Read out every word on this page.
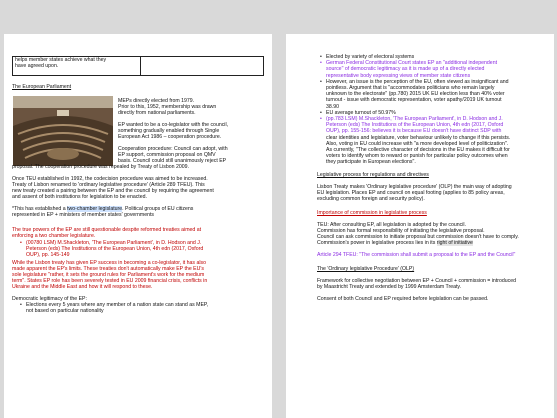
helps member states achieve what they
have agreed upon.
The European Parliament
MEPs directly elected from 1979.
Prior to this, 1952, membership was drawn
directly from national parliaments.
EP wanted to be a co-legislator with the council,
something gradually enabled through Single
European Act 1986 – cooperation procedure.
Cooperation procedure: Council can adopt, with
EP support, commission proposal on QMV
basis. Council could still unanimously reject EP
proposal. The cooperation procedure was repealed by Treaty of Lisbon 2009.
Once TEU established in 1992, the codecision procedure was aimed to be increased.
Treaty of Lisbon renamed to 'ordinary legislative procedure' (Article 289 TFEU). This
new treaty created a pairing between the EP and the council by requiring the agreement
and assent of both institutions for legislation to be enacted.
*This has established a two-chamber legislature. Political groups of EU citizens
represented in EP + ministers of member states' governments
The true powers of the EP are still questionable despite reformed treaties aimed at
enforcing a two chamber legislature.
• (00780 LSM) M.Shackleton, 'The European Parliament', in D. Hodson and J.
Peterson (eds) The Institutions of the European Union, 4th edn (2017, Oxford
OUP), pp. 145-149
While the Lisbon treaty has given EP success in becoming a co-legislator, it has also
made apparent the EP's limits. These treaties don't automatically make EP the EU's
sole legislature "rather, it sets the ground rules for Parliament's work for the medium
term". States EP role has been severely tested in EU 2009 financial crisis, conflicts in
Ukraine and the Middle East and how it will respond to these.
Democratic legitimacy of the EP:
• Elections every 5 years where any member of a nation state can stand as MEP,
not based on particular nationality
• Elected by variety of electoral systems
• German Federal Constitutional Court states EP an "additional independent
source" of democratic legitimacy as it is made up of a directly elected
representative body expressing views of member state citizens
• However, an issue is the perception of the EU, often viewed as insignificant and
pointless. Argument that is "accommodates politicians who remain largely
unknown to the electorate" (pp.780) 2015 UK EU election less than 40% voter
turnout - issue with democratic representation, voter apathy/2019 UK turnout
38.90
• EU average turnout of 50.97%
• (pp.783 LSM) M.Shackleton, 'The European Parliament', in D. Hodson and J.
Peterson (eds) The Institutions of the European Union, 4th edn (2017, Oxford
OUP), pp. 155-156: believes it is because EU doesn't have distinct SDP with
clear identities and legislature, voter behaviour unlikely to change if this persists.
Also, voting in EU could increase with "a more developed level of politicization".
As currently, "The collective character of decisions in the EU makes it difficult for
voters to identify whom to reward or punish for particular policy outcomes when
they participate in European elections".
Legislative process for regulations and directives
Lisbon Treaty makes 'Ordinary legislative procedure' (OLP) the main way of adopting
EU legislation. Places EP and council on equal footing (applies to 85 policy areas,
excluding common foreign and security policy).
Importance of commission in legislative process
TEU: After consulting EP, all legislation is adopted by the council.
Commission has formal responsibility of initiating the legislative proposal.
Council can ask commission to initiate proposal but commission doesn't have to comply.
Commission's power in legislative process lies in its right of initiative
Article 294 TFEU: "The commission shall submit a proposal to the EP and the Council"
The 'Ordinary legislative Procedure' (OLP)
Framework for collective negotiation between EP + Council + commission = introduced
by Maastricht Treaty and extended by 1999 Amsterdam Treaty.
Consent of both Council and EP required before legislation can be passed.
